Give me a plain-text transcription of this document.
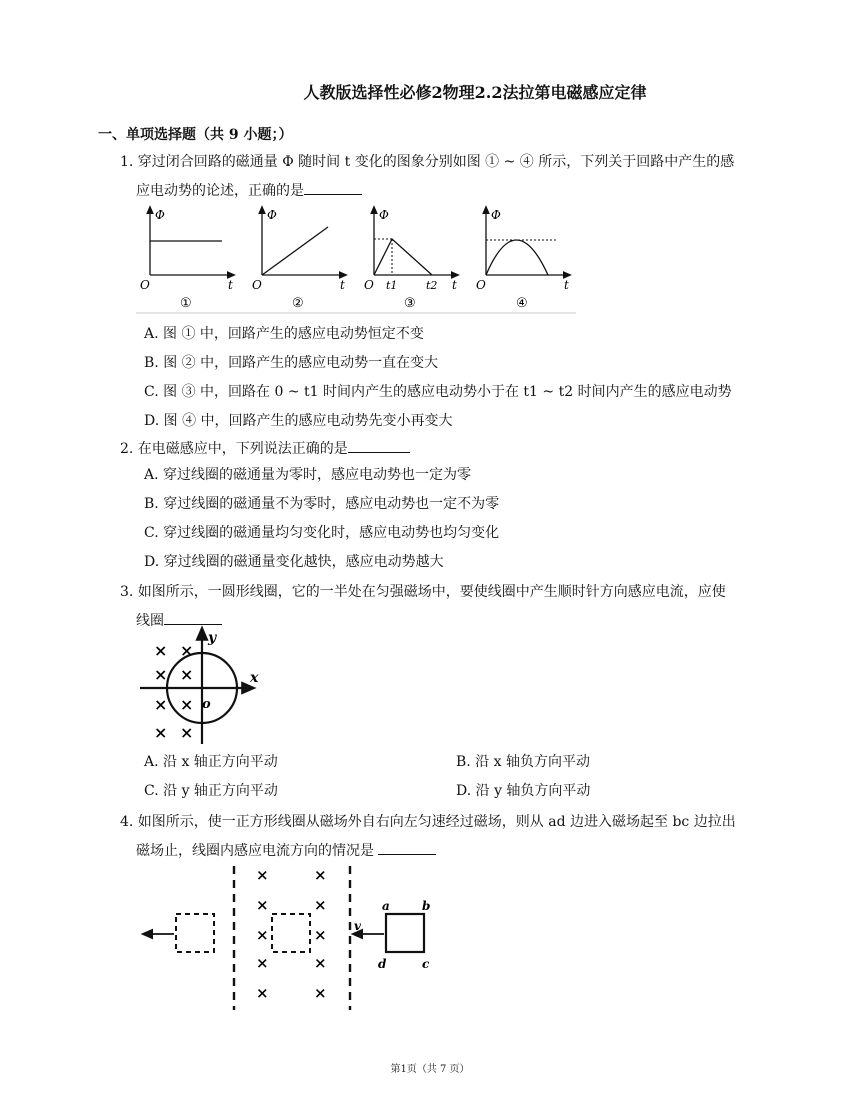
人教版选择性必修2物理2.2法拉第电磁感应定律
一、单项选择题（共 9 小题；）
1. 穿过闭合回路的磁通量 Φ 随时间 t 变化的图象分别如图 ① ~ ④ 所示，下列关于回路中产生的感
应电动势的论述，正确的是
Φ
O	t
①
Φ
O	t
②
Φ
O t1	t2 t
③
Φ
O	t
④
A. 图 ① 中，回路产生的感应电动势恒定不变
B. 图 ② 中，回路产生的感应电动势一直在变大
C. 图 ③ 中，回路在 0 ~ t1 时间内产生的感应电动势小于在 t1 ~ t2 时间内产生的感应电动势
D. 图 ④ 中，回路产生的感应电动势先变小再变大
2. 在电磁感应中，下列说法正确的是
A. 穿过线圈的磁通量为零时，感应电动势也一定为零
B. 穿过线圈的磁通量不为零时，感应电动势也一定不为零
C. 穿过线圈的磁通量均匀变化时，感应电动势也均匀变化
D. 穿过线圈的磁通量变化越快，感应电动势越大
3. 如图所示，一圆形线圈，它的一半处在匀强磁场中，要使线圈中产生顺时针方向感应电流，应使
线圈
y
x
o
× ×
× ×
× ×
× ×
A. 沿 x 轴正方向平动	B. 沿 x 轴负方向平动
C. 沿 y 轴正方向平动	D. 沿 y 轴负方向平动
4. 如图所示，使一正方形线圈从磁场外自右向左匀速经过磁场，则从 ad 边进入磁场起至 bc 边拉出
磁场止，线圈内感应电流方向的情况是
×	×
×	×
×	×
×	×
×	×
a	b
c
d
v
第1页（共 7 页）
